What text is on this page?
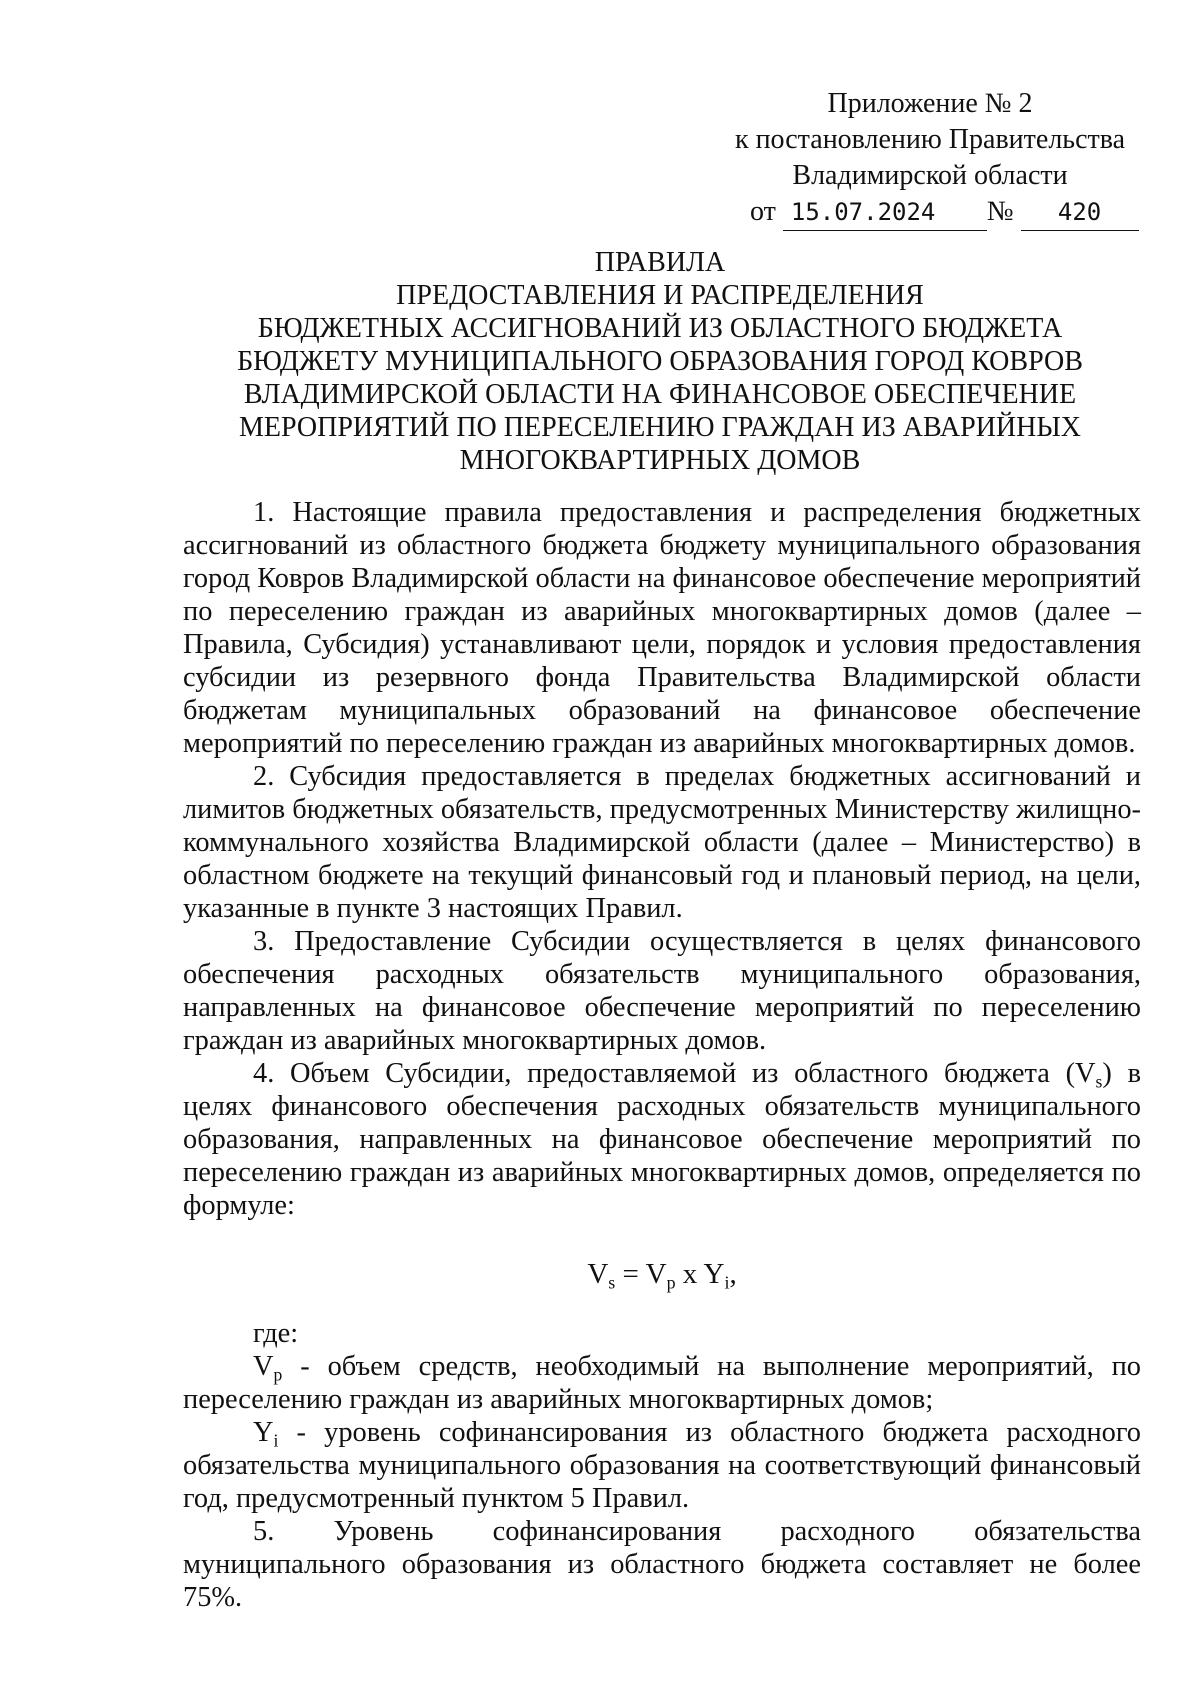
Приложение № 2
к постановлению Правительства
Владимирской области
от 15.07.2024 № 420
ПРАВИЛА
ПРЕДОСТАВЛЕНИЯ И РАСПРЕДЕЛЕНИЯ
БЮДЖЕТНЫХ АССИГНОВАНИЙ ИЗ ОБЛАСТНОГО БЮДЖЕТА
БЮДЖЕТУ МУНИЦИПАЛЬНОГО ОБРАЗОВАНИЯ ГОРОД КОВРОВ
ВЛАДИМИРСКОЙ ОБЛАСТИ НА ФИНАНСОВОЕ ОБЕСПЕЧЕНИЕ
МЕРОПРИЯТИЙ ПО ПЕРЕСЕЛЕНИЮ ГРАЖДАН ИЗ АВАРИЙНЫХ
МНОГОКВАРТИРНЫХ ДОМОВ

1. Настоящие правила предоставления и распределения бюджетных ассигнований из областного бюджета бюджету муниципального образования город Ковров Владимирской области на финансовое обеспечение мероприятий по переселению граждан из аварийных многоквартирных домов (далее – Правила, Субсидия) устанавливают цели, порядок и условия предоставления субсидии из резервного фонда Правительства Владимирской области бюджетам муниципальных образований на финансовое обеспечение мероприятий по переселению граждан из аварийных многоквартирных домов.

2. Субсидия предоставляется в пределах бюджетных ассигнований и лимитов бюджетных обязательств, предусмотренных Министерству жилищно-коммунального хозяйства Владимирской области (далее – Министерство) в областном бюджете на текущий финансовый год и плановый период, на цели, указанные в пункте 3 настоящих Правил.

3. Предоставление Субсидии осуществляется в целях финансового обеспечения расходных обязательств муниципального образования, направленных на финансовое обеспечение мероприятий по переселению граждан из аварийных многоквартирных домов.

4. Объем Субсидии, предоставляемой из областного бюджета $(V_s)$ в целях финансового обеспечения расходных обязательств муниципального образования, направленных на финансовое обеспечение мероприятий по переселению граждан из аварийных многоквартирных домов, определяется по формуле:

$V_s = V_p$ x $Y_i$,

где:

$V_p$ - объем средств, необходимый на выполнение мероприятий, по переселению граждан из аварийных многоквартирных домов;

$Y_i$ - уровень софинансирования из областного бюджета расходного обязательства муниципального образования на соответствующий финансовый год, предусмотренный пунктом 5 Правил.

5. Уровень софинансирования расходного обязательства муниципального образования из областного бюджета составляет не более 75%.
